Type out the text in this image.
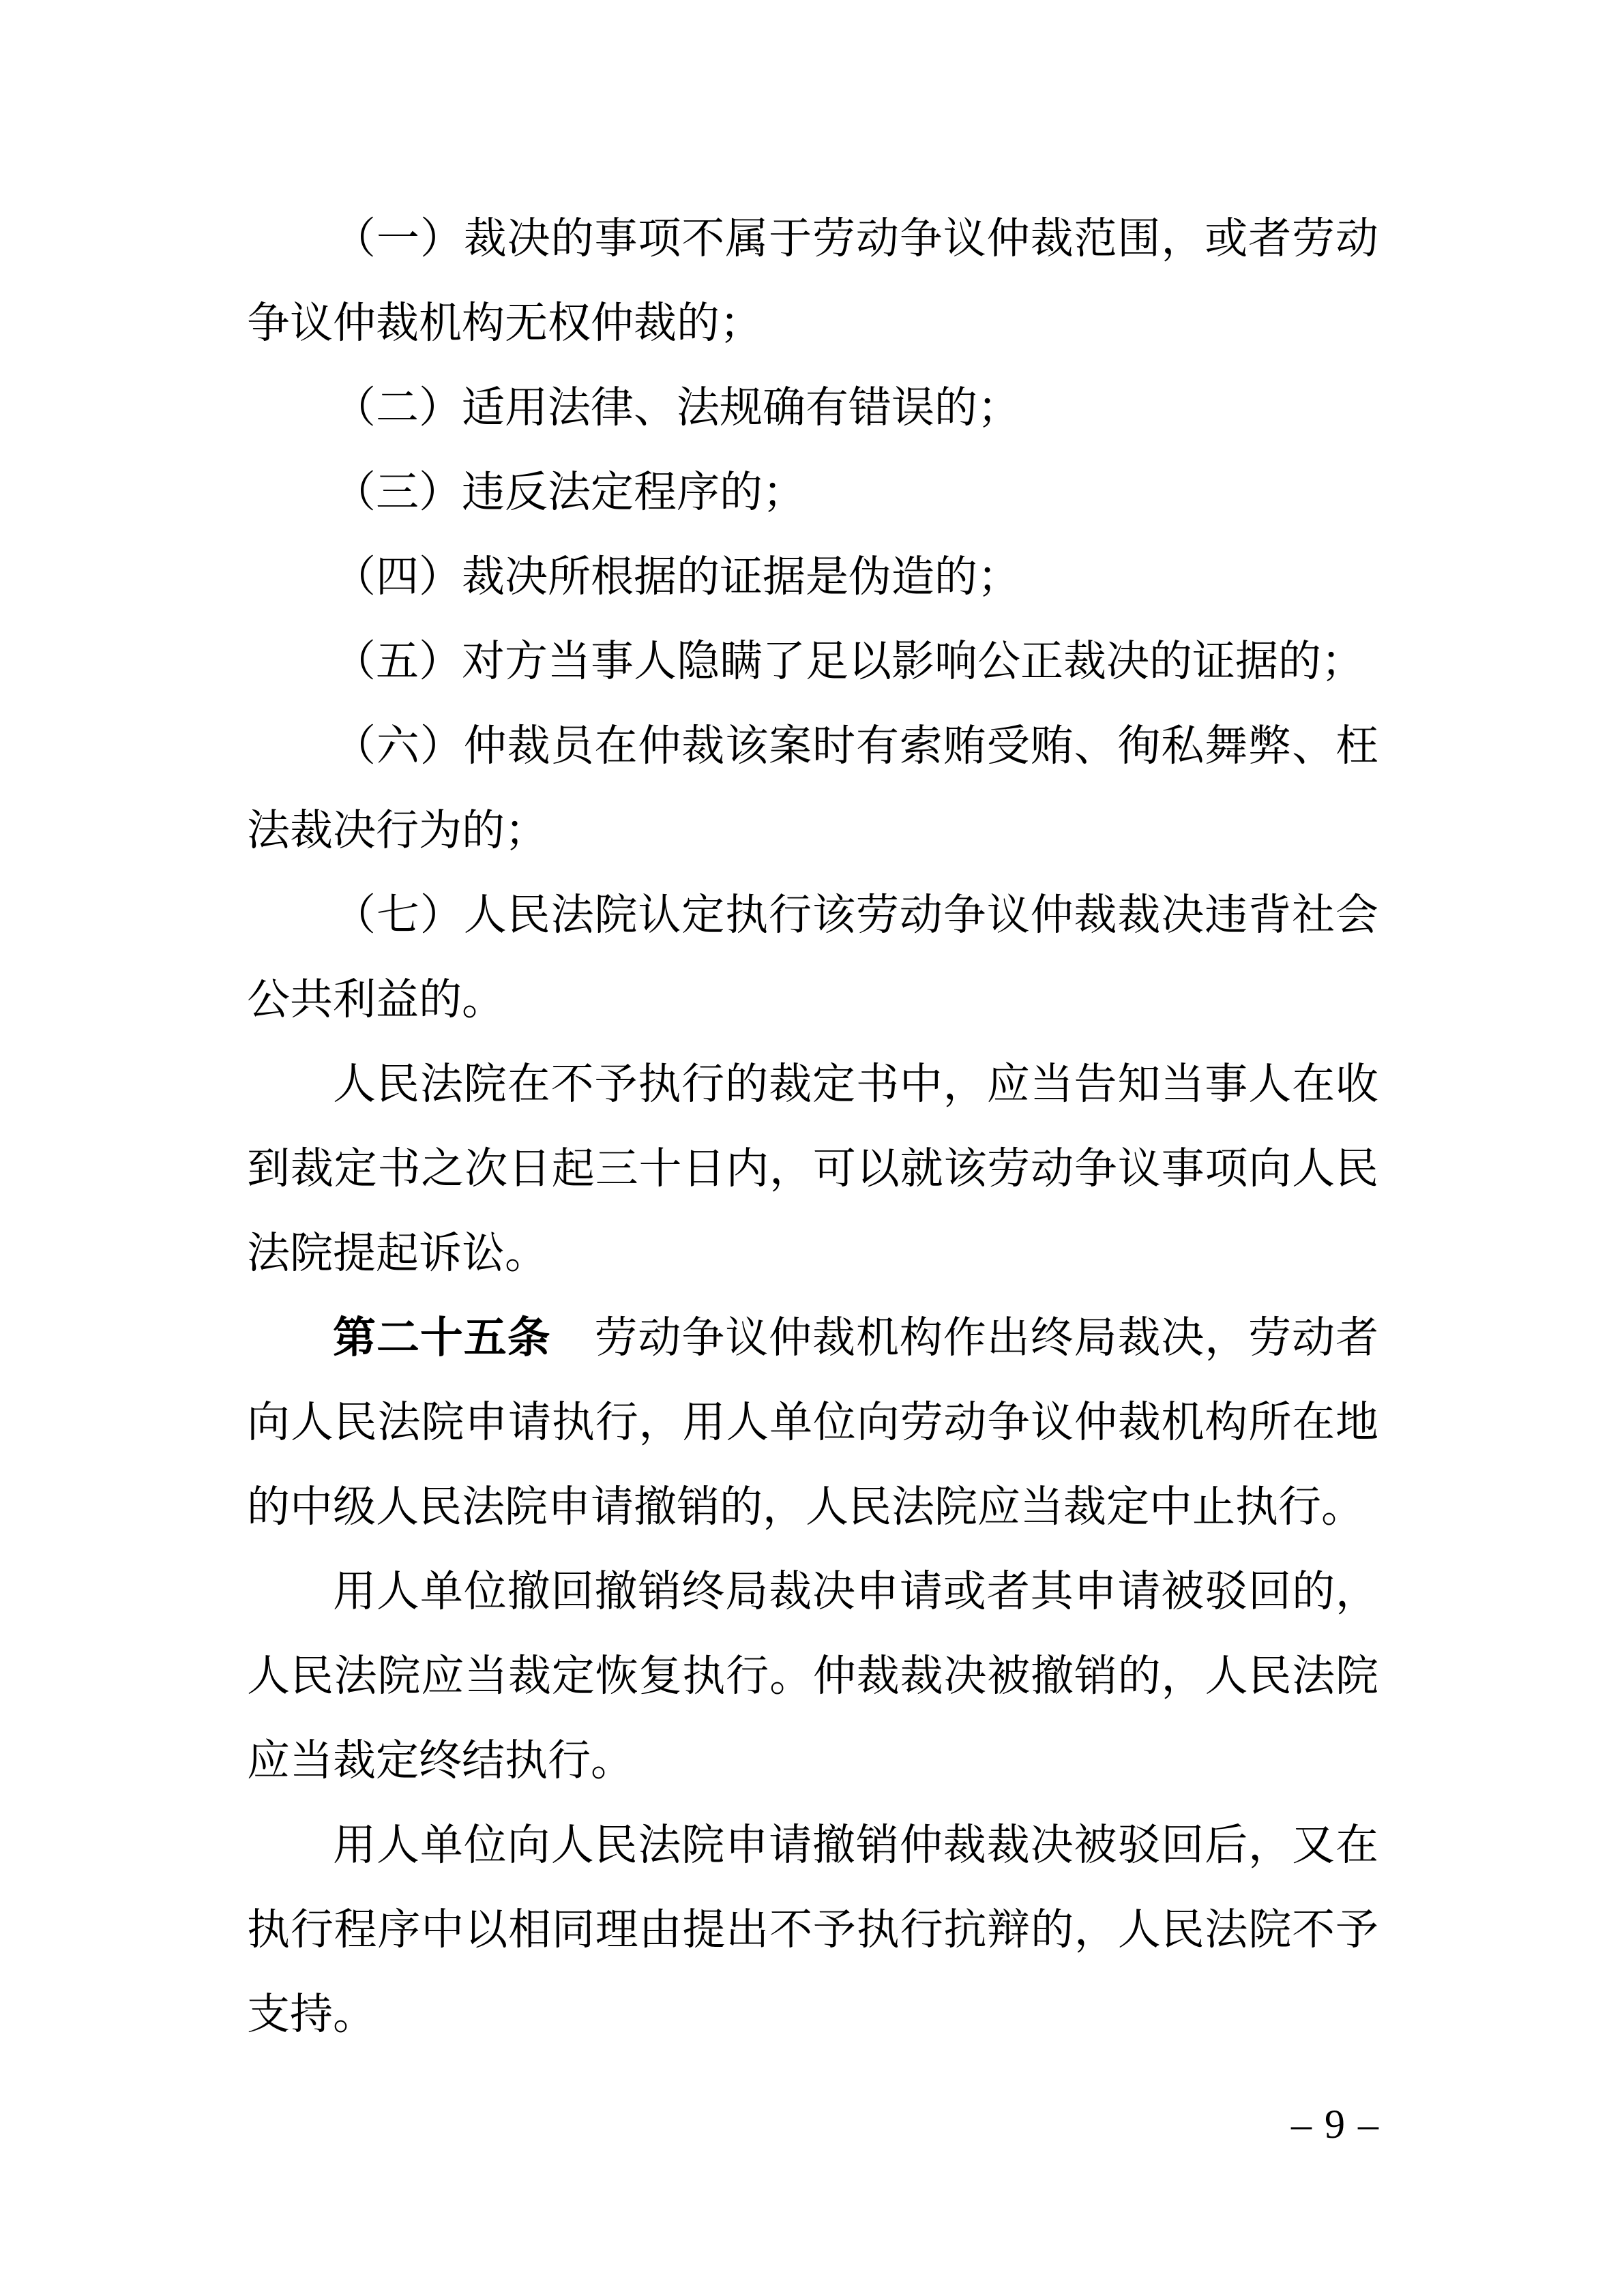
（一）裁决的事项不属于劳动争议仲裁范围，或者劳动争议仲裁机构无权仲裁的；

（二）适用法律、法规确有错误的；

（三）违反法定程序的；

（四）裁决所根据的证据是伪造的；

（五）对方当事人隐瞒了足以影响公正裁决的证据的；

（六）仲裁员在仲裁该案时有索贿受贿、徇私舞弊、枉法裁决行为的；

（七）人民法院认定执行该劳动争议仲裁裁决违背社会公共利益的。

人民法院在不予执行的裁定书中，应当告知当事人在收到裁定书之次日起三十日内，可以就该劳动争议事项向人民法院提起诉讼。

第二十五条　劳动争议仲裁机构作出终局裁决，劳动者向人民法院申请执行，用人单位向劳动争议仲裁机构所在地的中级人民法院申请撤销的，人民法院应当裁定中止执行。

用人单位撤回撤销终局裁决申请或者其申请被驳回的，人民法院应当裁定恢复执行。仲裁裁决被撤销的，人民法院应当裁定终结执行。

用人单位向人民法院申请撤销仲裁裁决被驳回后，又在执行程序中以相同理由提出不予执行抗辩的，人民法院不予支持。

– 9 –
